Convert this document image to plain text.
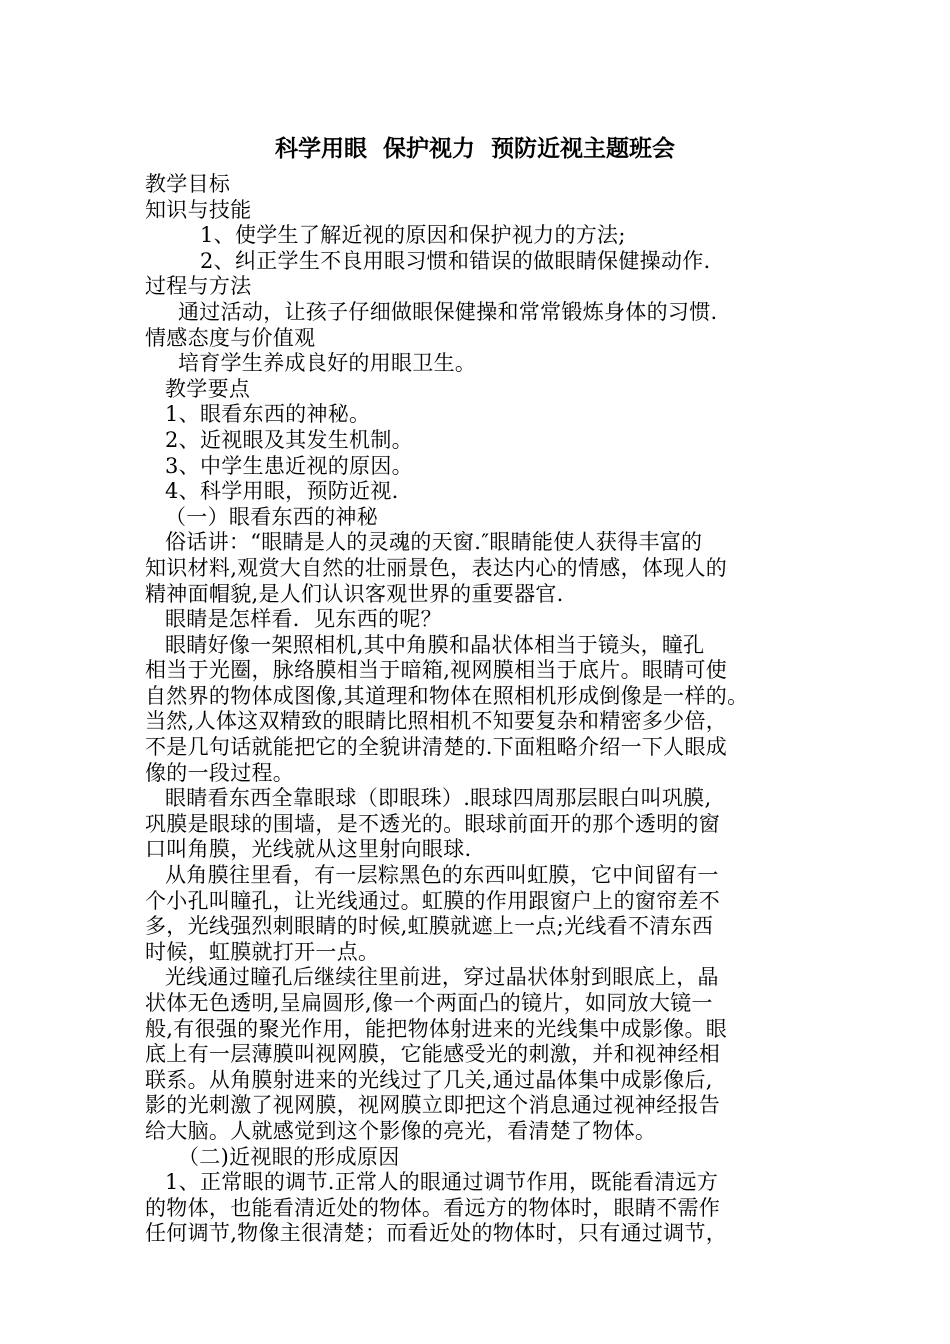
科学用眼  保护视力  预防近视主题班会
教学目标
知识与技能
1、使学生了解近视的原因和保护视力的方法;
2、纠正学生不良用眼习惯和错误的做眼睛保健操动作.
过程与方法
通过活动，让孩子仔细做眼保健操和常常锻炼身体的习惯.
情感态度与价值观
培育学生养成良好的用眼卫生。
教学要点
1、眼看东西的神秘。
2、近视眼及其发生机制。
3、中学生患近视的原因。
4、科学用眼，预防近视.
（一）眼看东西的神秘
俗话讲：“眼睛是人的灵魂的天窗.″眼睛能使人获得丰富的
知识材料,观赏大自然的壮丽景色，表达内心的情感，体现人的
精神面帽貌,是人们认识客观世界的重要器官.
眼睛是怎样看．见东西的呢？
眼睛好像一架照相机,其中角膜和晶状体相当于镜头，瞳孔
相当于光圈，脉络膜相当于暗箱,视网膜相当于底片。眼睛可使
自然界的物体成图像,其道理和物体在照相机形成倒像是一样的。
当然,人体这双精致的眼睛比照相机不知要复杂和精密多少倍，
不是几句话就能把它的全貌讲清楚的.下面粗略介绍一下人眼成
像的一段过程。
眼睛看东西全靠眼球（即眼珠）.眼球四周那层眼白叫巩膜,
巩膜是眼球的围墙，是不透光的。眼球前面开的那个透明的窗
口叫角膜，光线就从这里射向眼球.
从角膜往里看，有一层粽黑色的东西叫虹膜，它中间留有一
个小孔叫瞳孔，让光线通过。虹膜的作用跟窗户上的窗帘差不
多，光线强烈刺眼睛的时候,虹膜就遮上一点;光线看不清东西
时候，虹膜就打开一点。
光线通过瞳孔后继续往里前进，穿过晶状体射到眼底上，晶
状体无色透明,呈扁圆形,像一个两面凸的镜片，如同放大镜一
般,有很强的聚光作用，能把物体射进来的光线集中成影像。眼
底上有一层薄膜叫视网膜，它能感受光的刺激，并和视神经相
联系。从角膜射进来的光线过了几关,通过晶体集中成影像后,
影的光刺激了视网膜，视网膜立即把这个消息通过视神经报告
给大脑。人就感觉到这个影像的亮光，看清楚了物体。
（二)近视眼的形成原因
1、正常眼的调节.正常人的眼通过调节作用，既能看清远方
的物体，也能看清近处的物体。看远方的物体时，眼睛不需作
任何调节,物像主很清楚；而看近处的物体时，只有通过调节，
